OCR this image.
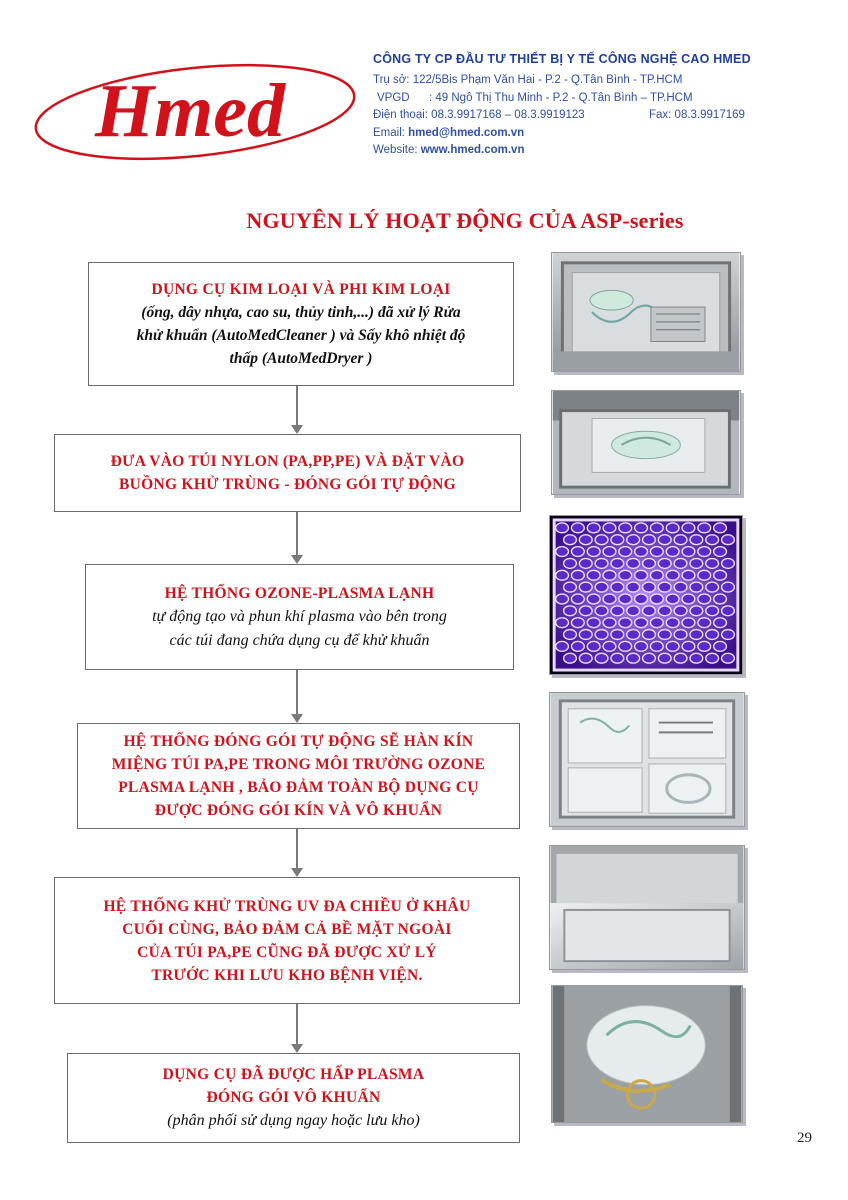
Hmed
CÔNG TY CP ĐẦU TƯ THIẾT BỊ Y TẾ CÔNG NGHỆ CAO HMED
Trụ sở: 122/5Bis Phạm Văn Hai - P.2 - Q.Tân Bình - TP.HCM
VPGD : 49 Ngô Thị Thu Minh - P.2 - Q.Tân Bình – TP.HCM
Điện thoại: 08.3.9917168 – 08.3.9919123	Fax: 08.3.9917169
Email: hmed@hmed.com.vn
Website: www.hmed.com.vn
NGUYÊN LÝ HOẠT ĐỘNG CỦA ASP-series
DỤNG CỤ KIM LOẠI VÀ PHI KIM LOẠI
(ống, dây nhựa, cao su, thủy tinh,...) đã xử lý Rửa
khử khuẩn (AutoMedCleaner ) và Sấy khô nhiệt độ
thấp (AutoMedDryer )
ĐƯA VÀO TÚI NYLON (PA,PP,PE) VÀ ĐẶT VÀO
BUỒNG KHỬ TRÙNG - ĐÓNG GÓI TỰ ĐỘNG
HỆ THỐNG OZONE-PLASMA LẠNH
tự động tạo và phun khí plasma vào bên trong
các túi đang chứa dụng cụ để khử khuẩn
HỆ THỐNG ĐÓNG GÓI TỰ ĐỘNG SẼ HÀN KÍN
MIỆNG TÚI PA,PE TRONG MÔI TRƯỜNG OZONE
PLASMA LẠNH , BẢO ĐẢM TOÀN BỘ DỤNG CỤ
ĐƯỢC ĐÓNG GÓI KÍN VÀ VÔ KHUẨN
HỆ THỐNG KHỬ TRÙNG UV ĐA CHIỀU Ở KHÂU
CUỐI CÙNG, BẢO ĐẢM CẢ BỀ MẶT NGOÀI
CỦA TÚI PA,PE CŨNG ĐÃ ĐƯỢC XỬ LÝ
TRƯỚC KHI LƯU KHO BỆNH VIỆN.
DỤNG CỤ ĐÃ ĐƯỢC HẤP PLASMA
ĐÓNG GÓI VÔ KHUẨN
(phân phối sử dụng ngay hoặc lưu kho)
29
